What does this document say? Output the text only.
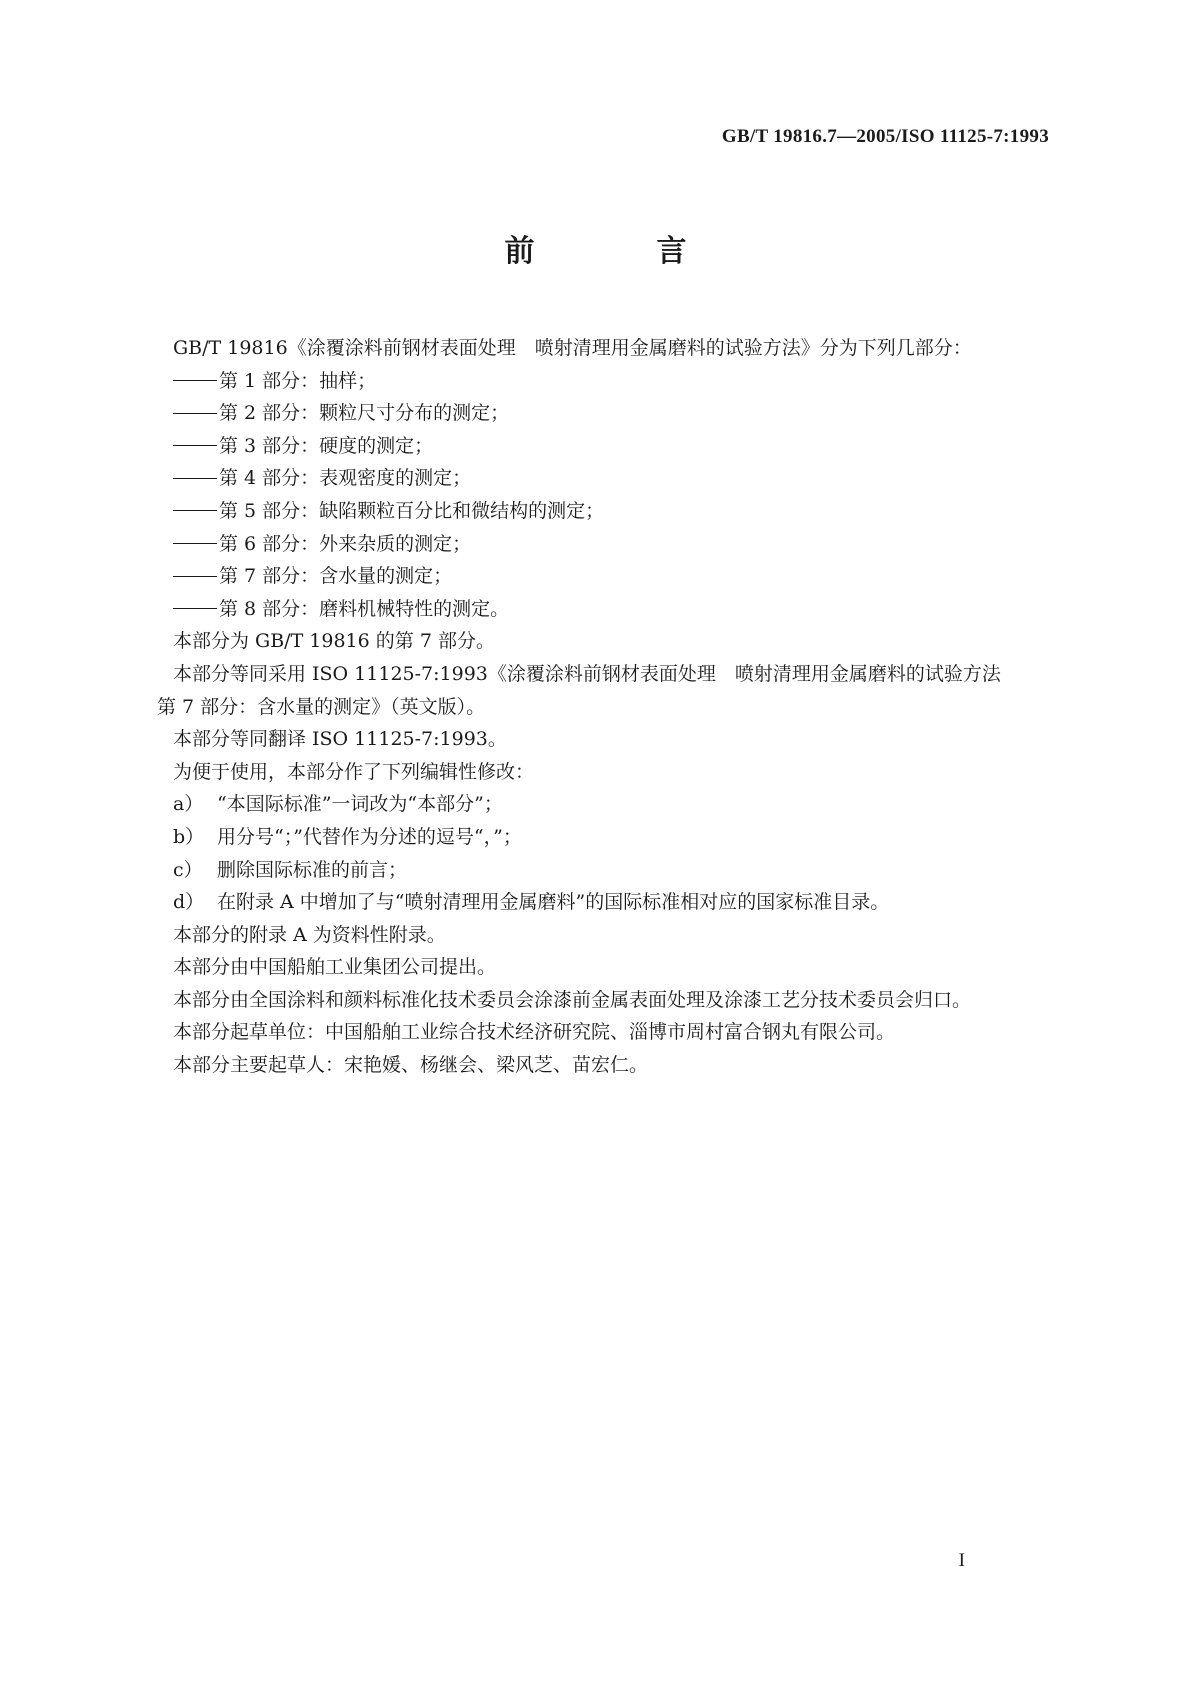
GB/T 19816.7—2005/ISO 11125-7:1993
前　言
GB/T 19816《涂覆涂料前钢材表面处理　喷射清理用金属磨料的试验方法》分为下列几部分：
第 1 部分：抽样；
第 2 部分：颗粒尺寸分布的测定；
第 3 部分：硬度的测定；
第 4 部分：表观密度的测定；
第 5 部分：缺陷颗粒百分比和微结构的测定；
第 6 部分：外来杂质的测定；
第 7 部分：含水量的测定；
第 8 部分：磨料机械特性的测定。
本部分为 GB/T 19816 的第 7 部分。
本部分等同采用 ISO 11125-7:1993《涂覆涂料前钢材表面处理　喷射清理用金属磨料的试验方法
第 7 部分：含水量的测定》（英文版）。
本部分等同翻译 ISO 11125-7:1993。
为便于使用，本部分作了下列编辑性修改：
a） “本国际标准”一词改为“本部分”；
b） 用分号“；”代替作为分述的逗号“，”；
c） 删除国际标准的前言；
d） 在附录 A 中增加了与“喷射清理用金属磨料”的国际标准相对应的国家标准目录。
本部分的附录 A 为资料性附录。
本部分由中国船舶工业集团公司提出。
本部分由全国涂料和颜料标准化技术委员会涂漆前金属表面处理及涂漆工艺分技术委员会归口。
本部分起草单位：中国船舶工业综合技术经济研究院、淄博市周村富合钢丸有限公司。
本部分主要起草人：宋艳媛、杨继会、梁风芝、苗宏仁。
I
